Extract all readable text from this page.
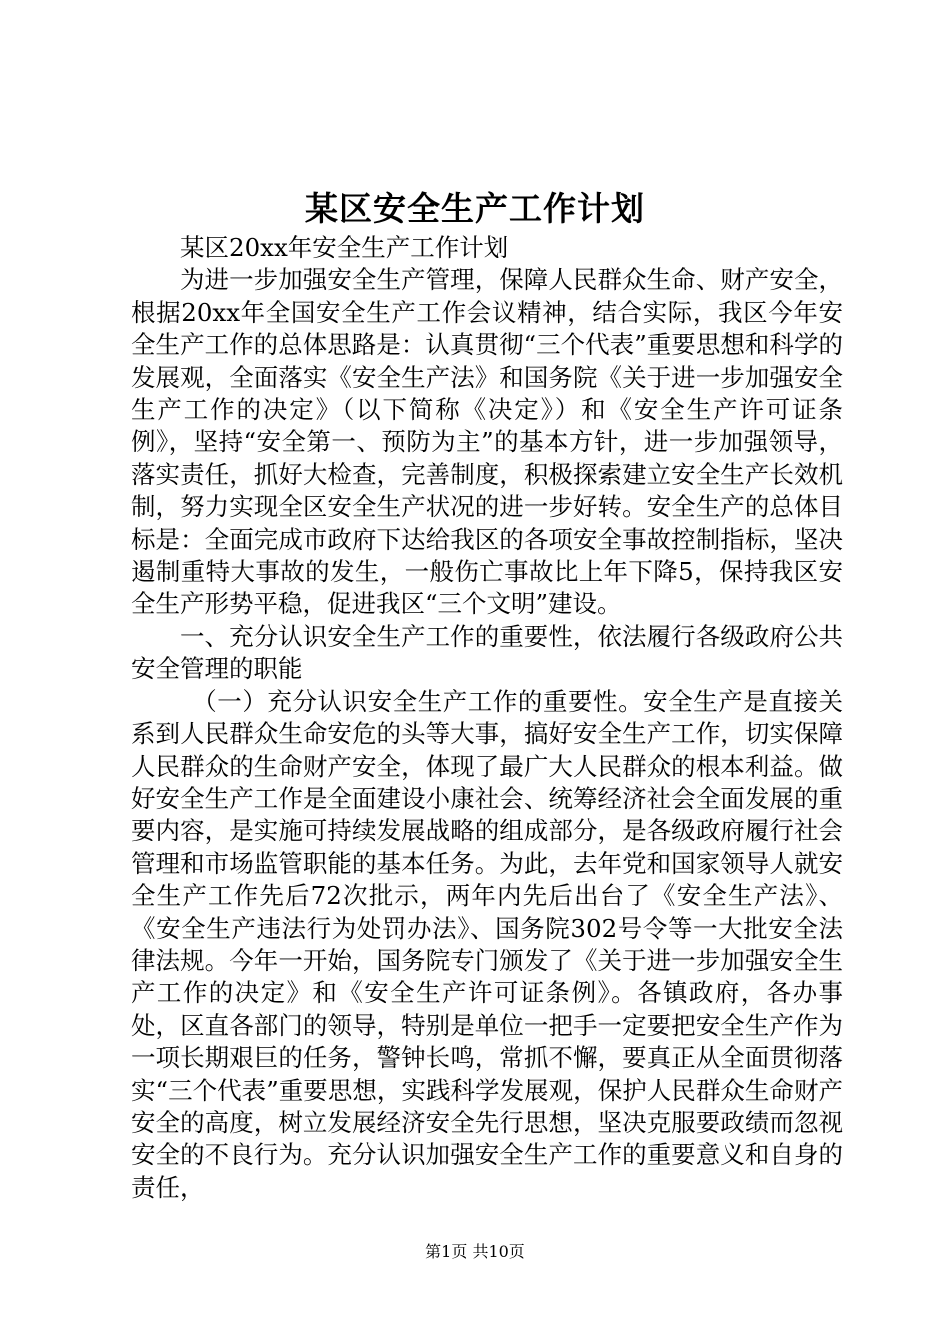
某区安全生产工作计划

某区20xx年安全生产工作计划

为进一步加强安全生产管理，保障人民群众生命、财产安全，根据20xx年全国安全生产工作会议精神，结合实际，我区今年安全生产工作的总体思路是：认真贯彻“三个代表”重要思想和科学的发展观，全面落实《安全生产法》和国务院《关于进一步加强安全生产工作的决定》（以下简称《决定》）和《安全生产许可证条例》，坚持“安全第一、预防为主”的基本方针，进一步加强领导，落实责任，抓好大检查，完善制度，积极探索建立安全生产长效机制，努力实现全区安全生产状况的进一步好转。安全生产的总体目标是：全面完成市政府下达给我区的各项安全事故控制指标，坚决遏制重特大事故的发生，一般伤亡事故比上年下降5，保持我区安全生产形势平稳，促进我区“三个文明”建设。

一、充分认识安全生产工作的重要性，依法履行各级政府公共安全管理的职能

（一）充分认识安全生产工作的重要性。安全生产是直接关系到人民群众生命安危的头等大事，搞好安全生产工作，切实保障人民群众的生命财产安全，体现了最广大人民群众的根本利益。做好安全生产工作是全面建设小康社会、统筹经济社会全面发展的重要内容，是实施可持续发展战略的组成部分，是各级政府履行社会管理和市场监管职能的基本任务。为此，去年党和国家领导人就安全生产工作先后72次批示，两年内先后出台了《安全生产法》、《安全生产违法行为处罚办法》、国务院302号令等一大批安全法律法规。今年一开始，国务院专门颁发了《关于进一步加强安全生产工作的决定》和《安全生产许可证条例》。各镇政府，各办事处，区直各部门的领导，特别是单位一把手一定要把安全生产作为一项长期艰巨的任务，警钟长鸣，常抓不懈，要真正从全面贯彻落实“三个代表”重要思想，实践科学发展观，保护人民群众生命财产安全的高度，树立发展经济安全先行思想，坚决克服要政绩而忽视安全的不良行为。充分认识加强安全生产工作的重要意义和自身的责任，

第1页 共10页
